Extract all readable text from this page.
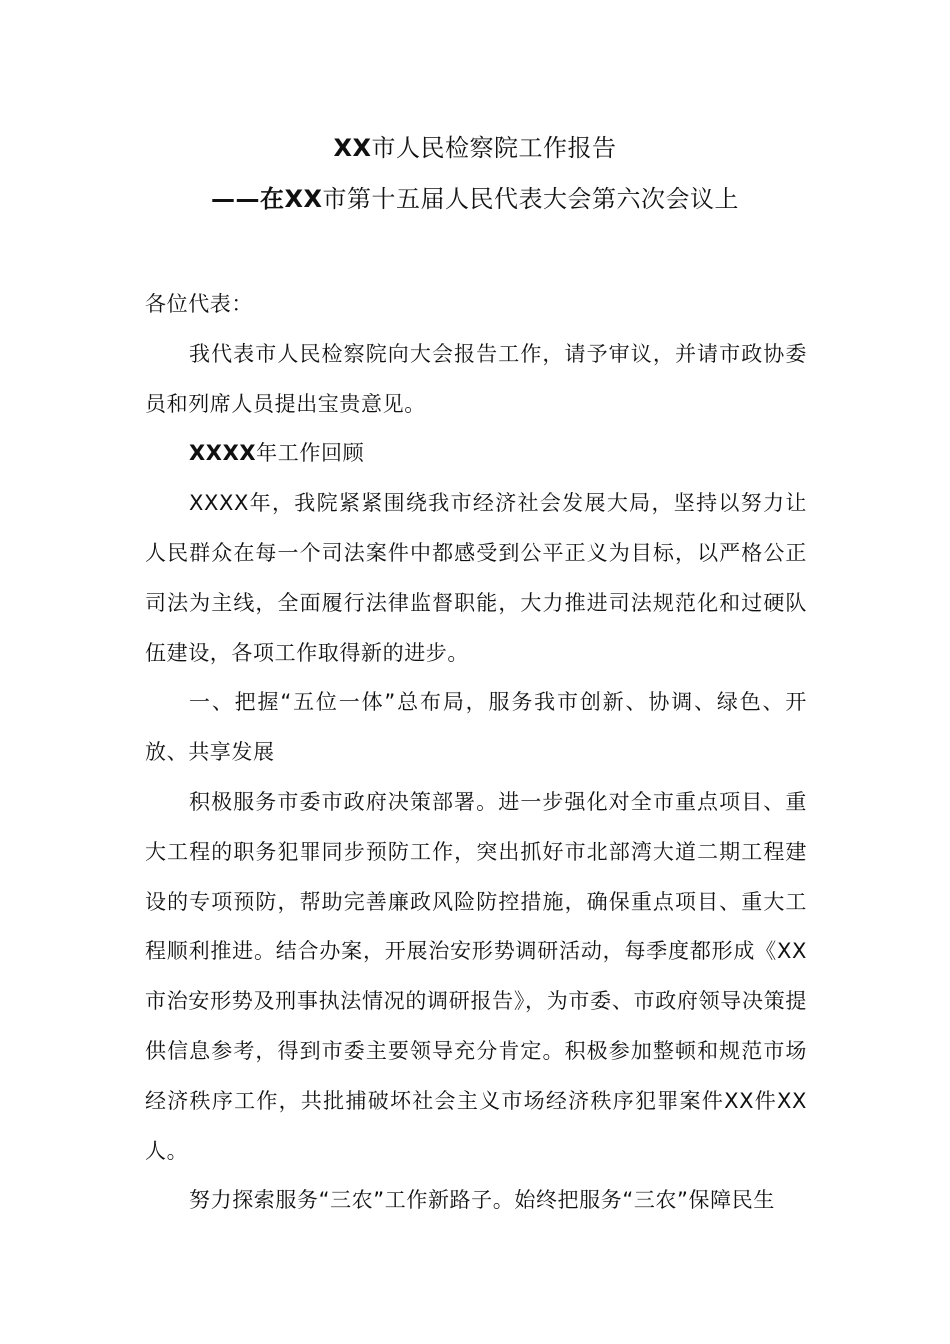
XX市人民检察院工作报告
——在XX市第十五届人民代表大会第六次会议上

各位代表：

我代表市人民检察院向大会报告工作，请予审议，并请市政协委员和列席人员提出宝贵意见。

XXXX年工作回顾

XXXX年，我院紧紧围绕我市经济社会发展大局，坚持以努力让人民群众在每一个司法案件中都感受到公平正义为目标，以严格公正司法为主线，全面履行法律监督职能，大力推进司法规范化和过硬队伍建设，各项工作取得新的进步。

一、把握“五位一体”总布局，服务我市创新、协调、绿色、开放、共享发展

积极服务市委市政府决策部署。进一步强化对全市重点项目、重大工程的职务犯罪同步预防工作，突出抓好市北部湾大道二期工程建设的专项预防，帮助完善廉政风险防控措施，确保重点项目、重大工程顺利推进。结合办案，开展治安形势调研活动，每季度都形成《XX市治安形势及刑事执法情况的调研报告》，为市委、市政府领导决策提供信息参考，得到市委主要领导充分肯定。积极参加整顿和规范市场经济秩序工作，共批捕破坏社会主义市场经济秩序犯罪案件XX件XX人。

努力探索服务“三农”工作新路子。始终把服务“三农”保障民生
